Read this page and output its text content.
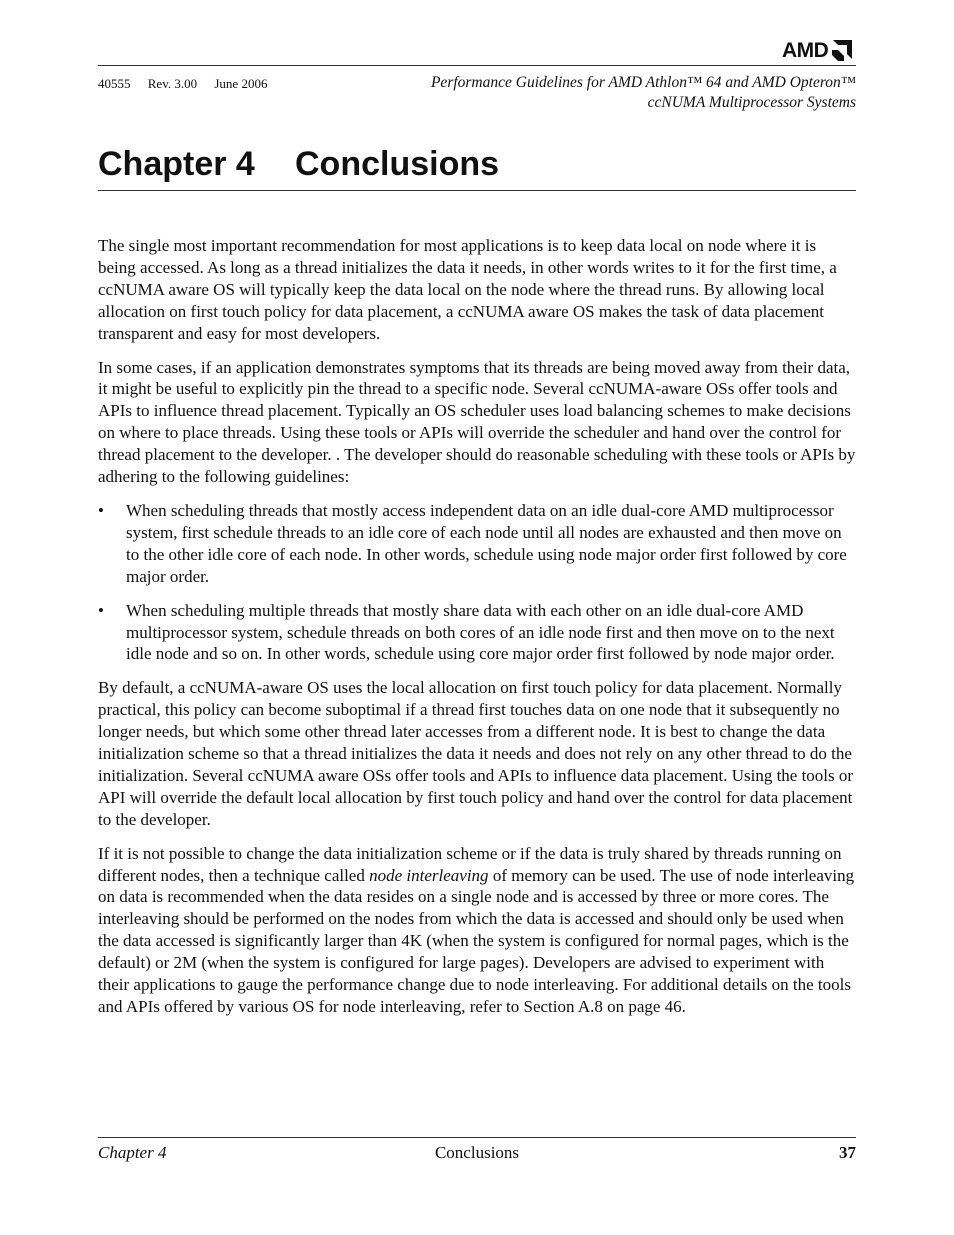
AMD
40555 Rev. 3.00 June 2006	Performance Guidelines for AMD Athlon™ 64 and AMD Opteron™
ccNUMA Multiprocessor Systems
Chapter 4 Conclusions

The single most important recommendation for most applications is to keep data local on node where it is being accessed. As long as a thread initializes the data it needs, in other words writes to it for the first time, a ccNUMA aware OS will typically keep the data local on the node where the thread runs. By allowing local allocation on first touch policy for data placement, a ccNUMA aware OS makes the task of data placement transparent and easy for most developers.

In some cases, if an application demonstrates symptoms that its threads are being moved away from their data, it might be useful to explicitly pin the thread to a specific node. Several ccNUMA-aware OSs offer tools and APIs to influence thread placement. Typically an OS scheduler uses load balancing schemes to make decisions on where to place threads. Using these tools or APIs will override the scheduler and hand over the control for thread placement to the developer. . The developer should do reasonable scheduling with these tools or APIs by adhering to the following guidelines:

• When scheduling threads that mostly access independent data on an idle dual-core AMD multiprocessor system, first schedule threads to an idle core of each node until all nodes are exhausted and then move on to the other idle core of each node. In other words, schedule using node major order first followed by core major order.
• When scheduling multiple threads that mostly share data with each other on an idle dual-core AMD multiprocessor system, schedule threads on both cores of an idle node first and then move on to the next idle node and so on. In other words, schedule using core major order first followed by node major order.

By default, a ccNUMA-aware OS uses the local allocation on first touch policy for data placement. Normally practical, this policy can become suboptimal if a thread first touches data on one node that it subsequently no longer needs, but which some other thread later accesses from a different node. It is best to change the data initialization scheme so that a thread initializes the data it needs and does not rely on any other thread to do the initialization. Several ccNUMA aware OSs offer tools and APIs to influence data placement. Using the tools or API will override the default local allocation by first touch policy and hand over the control for data placement to the developer.

If it is not possible to change the data initialization scheme or if the data is truly shared by threads running on different nodes, then a technique called node interleaving of memory can be used. The use of node interleaving on data is recommended when the data resides on a single node and is accessed by three or more cores. The interleaving should be performed on the nodes from which the data is accessed and should only be used when the data accessed is significantly larger than 4K (when the system is configured for normal pages, which is the default) or 2M (when the system is configured for large pages). Developers are advised to experiment with their applications to gauge the performance change due to node interleaving. For additional details on the tools and APIs offered by various OS for node interleaving, refer to Section A.8 on page 46.

Chapter 4	Conclusions	37
